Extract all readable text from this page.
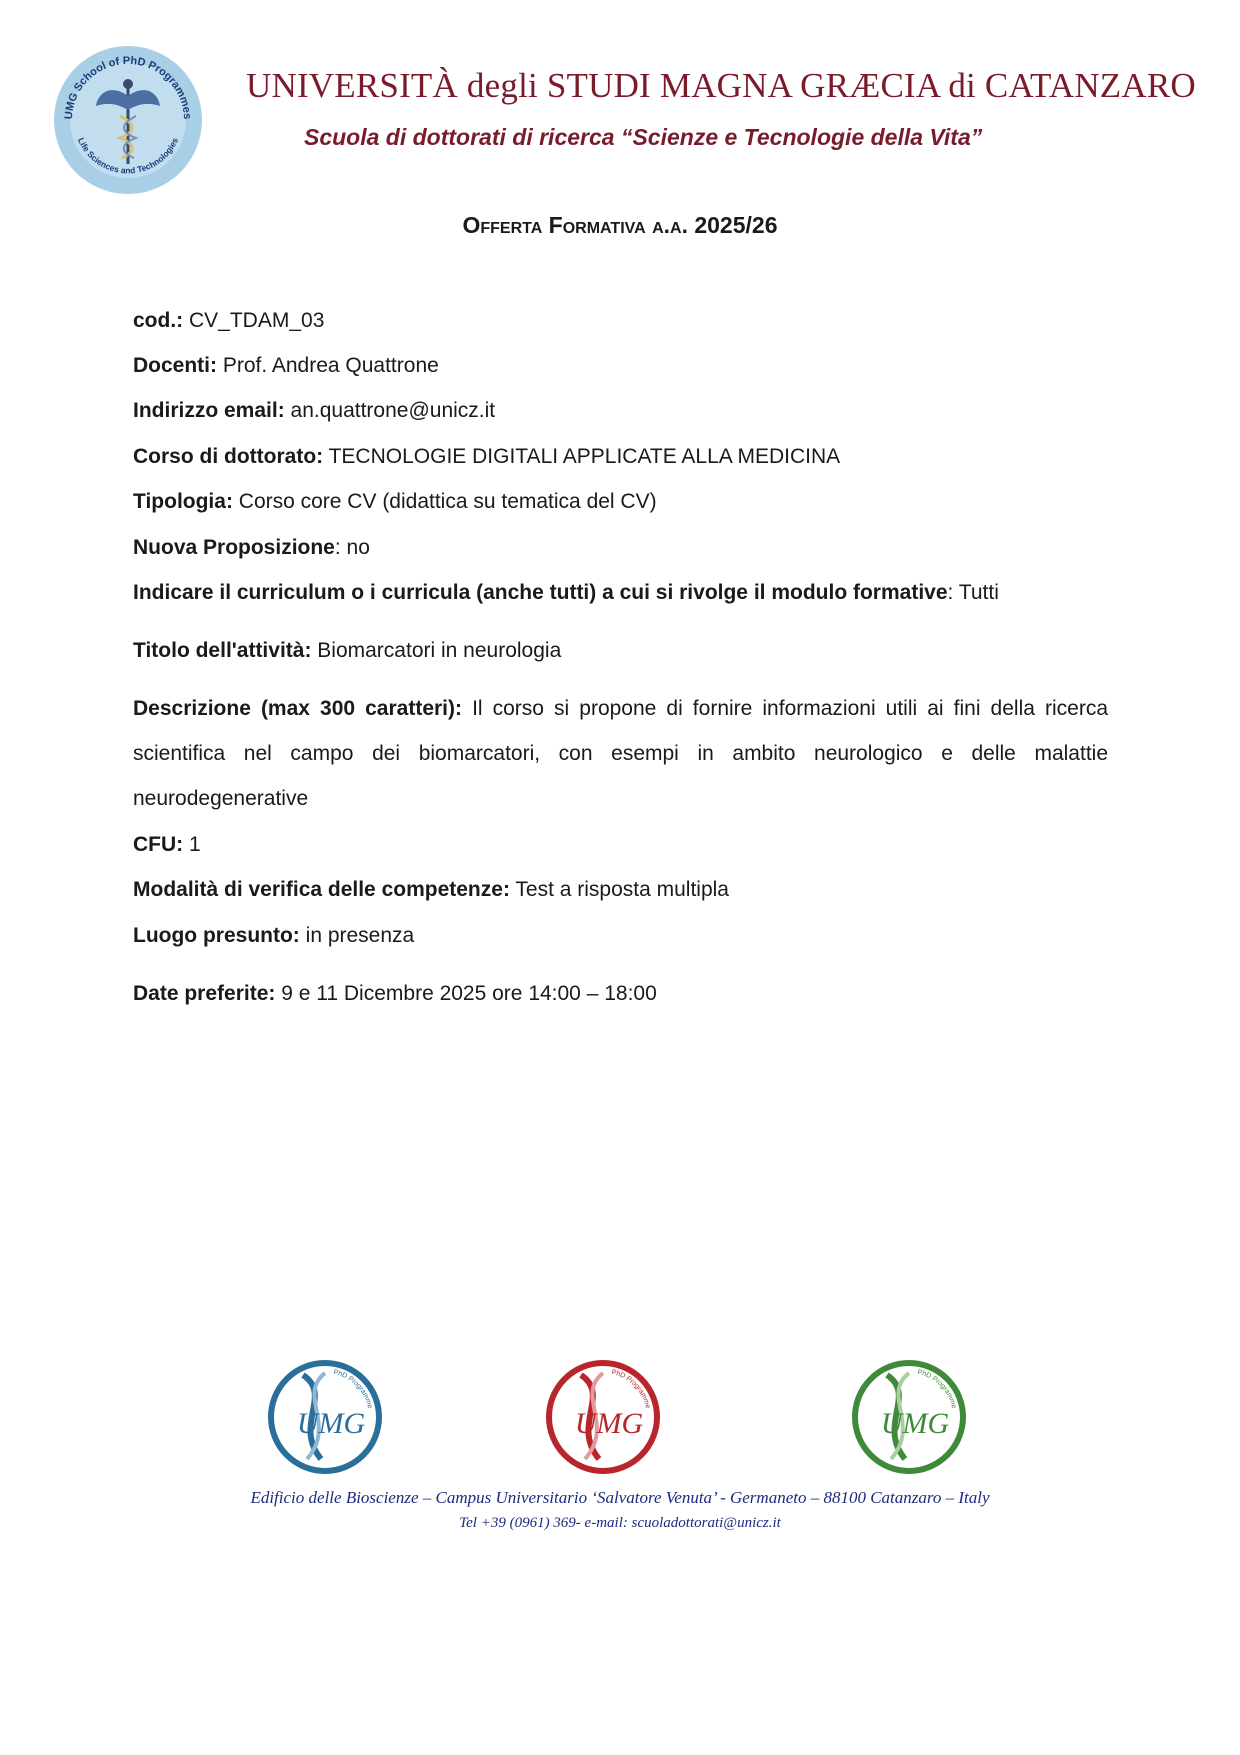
UMG School of PhD Programmes
Life Sciences and Technologies
UNIVERSITÀ degli STUDI MAGNA GRÆCIA di CATANZARO
Scuola di dottorati di ricerca “Scienze e Tecnologie della Vita”
Offerta Formativa a.a. 2025/26
cod.: CV_TDAM_03
Docenti: Prof. Andrea Quattrone
Indirizzo email: an.quattrone@unicz.it
Corso di dottorato: TECNOLOGIE DIGITALI APPLICATE ALLA MEDICINA
Tipologia: Corso core CV (didattica su tematica del CV)
Nuova Proposizione: no
Indicare il curriculum o i curricula (anche tutti) a cui si rivolge il modulo formative: Tutti
Titolo dell'attività: Biomarcatori in neurologia
Descrizione (max 300 caratteri): Il corso si propone di fornire informazioni utili ai fini della ricerca scientifica nel campo dei biomarcatori, con esempi in ambito neurologico e delle malattie neurodegenerative
CFU: 1
Modalità di verifica delle competenze: Test a risposta multipla
Luogo presunto: in presenza
Date preferite: 9 e 11 Dicembre 2025 ore 14:00 – 18:00
UMG
PhD Programme
UMG
PhD Programme
UMG
PhD Programme
Edificio delle Bioscienze – Campus Universitario ‘Salvatore Venuta’ - Germaneto – 88100 Catanzaro – Italy
Tel +39 (0961) 369- e-mail: scuoladottorati@unicz.it
